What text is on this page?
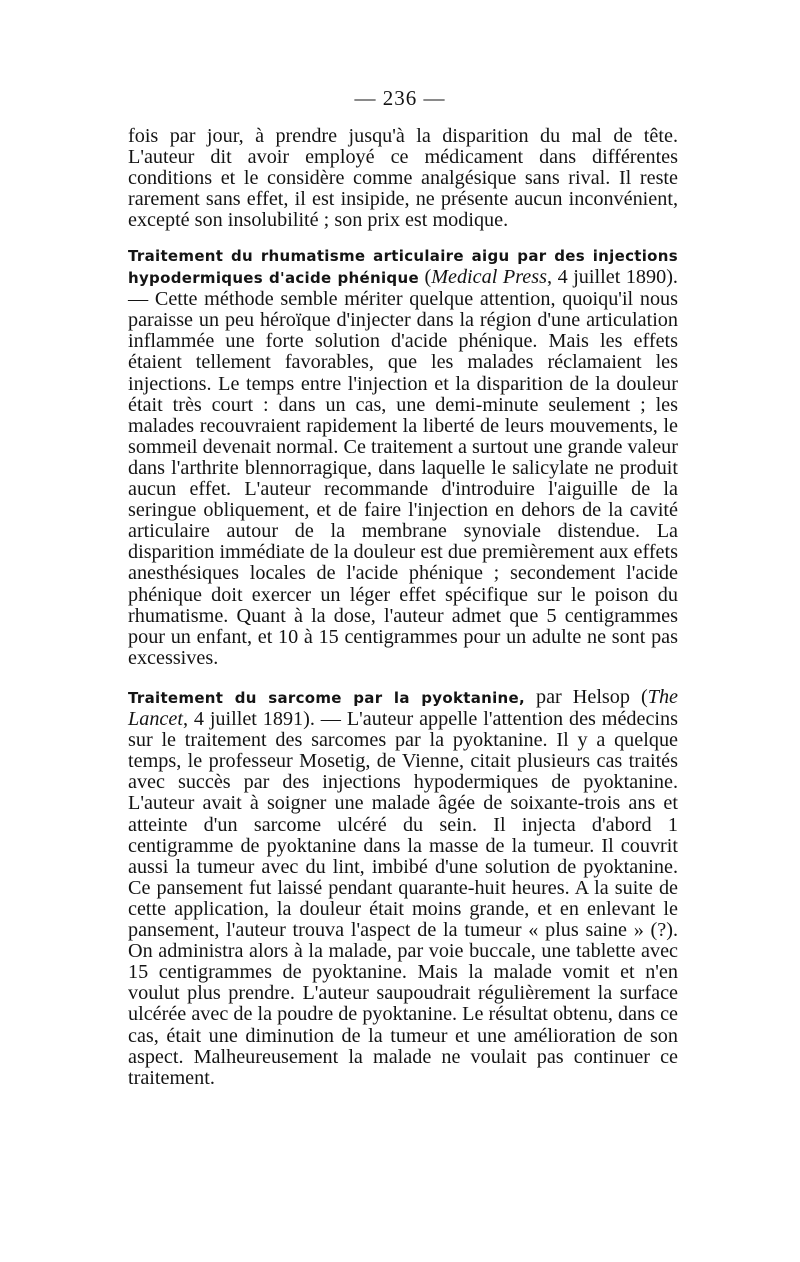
— 236 —

fois par jour, à prendre jusqu'à la disparition du mal de tête. L'auteur dit avoir employé ce médicament dans différentes conditions et le considère comme analgésique sans rival. Il reste rarement sans effet, il est insipide, ne présente aucun inconvénient, excepté son insolubilité ; son prix est modique.

Traitement du rhumatisme articulaire aigu par des injections hypodermiques d'acide phénique (Medical Press, 4 juillet 1890). — Cette méthode semble mériter quelque attention, quoiqu'il nous paraisse un peu héroïque d'injecter dans la région d'une articulation inflammée une forte solution d'acide phénique. Mais les effets étaient tellement favorables, que les malades réclamaient les injections. Le temps entre l'injection et la disparition de la douleur était très court : dans un cas, une demi-minute seulement ; les malades recouvraient rapidement la liberté de leurs mouvements, le sommeil devenait normal. Ce traitement a surtout une grande valeur dans l'arthrite blennorragique, dans laquelle le salicylate ne produit aucun effet. L'auteur recommande d'introduire l'aiguille de la seringue obliquement, et de faire l'injection en dehors de la cavité articulaire autour de la membrane synoviale distendue. La disparition immédiate de la douleur est due premièrement aux effets anesthésiques locales de l'acide phénique ; secondement l'acide phénique doit exercer un léger effet spécifique sur le poison du rhumatisme. Quant à la dose, l'auteur admet que 5 centigrammes pour un enfant, et 10 à 15 centigrammes pour un adulte ne sont pas excessives.

Traitement du sarcome par la pyoktanine, par Helsop (The Lancet, 4 juillet 1891). — L'auteur appelle l'attention des médecins sur le traitement des sarcomes par la pyoktanine. Il y a quelque temps, le professeur Mosetig, de Vienne, citait plusieurs cas traités avec succès par des injections hypodermiques de pyoktanine. L'auteur avait à soigner une malade âgée de soixante-trois ans et atteinte d'un sarcome ulcéré du sein. Il injecta d'abord 1 centigramme de pyoktanine dans la masse de la tumeur. Il couvrit aussi la tumeur avec du lint, imbibé d'une solution de pyoktanine. Ce pansement fut laissé pendant quarante-huit heures. A la suite de cette application, la douleur était moins grande, et en enlevant le pansement, l'auteur trouva l'aspect de la tumeur « plus saine » (?). On administra alors à la malade, par voie buccale, une tablette avec 15 centigrammes de pyoktanine. Mais la malade vomit et n'en voulut plus prendre. L'auteur saupoudrait régulièrement la surface ulcérée avec de la poudre de pyoktanine. Le résultat obtenu, dans ce cas, était une diminution de la tumeur et une amélioration de son aspect. Malheureusement la malade ne voulait pas continuer ce traitement.
